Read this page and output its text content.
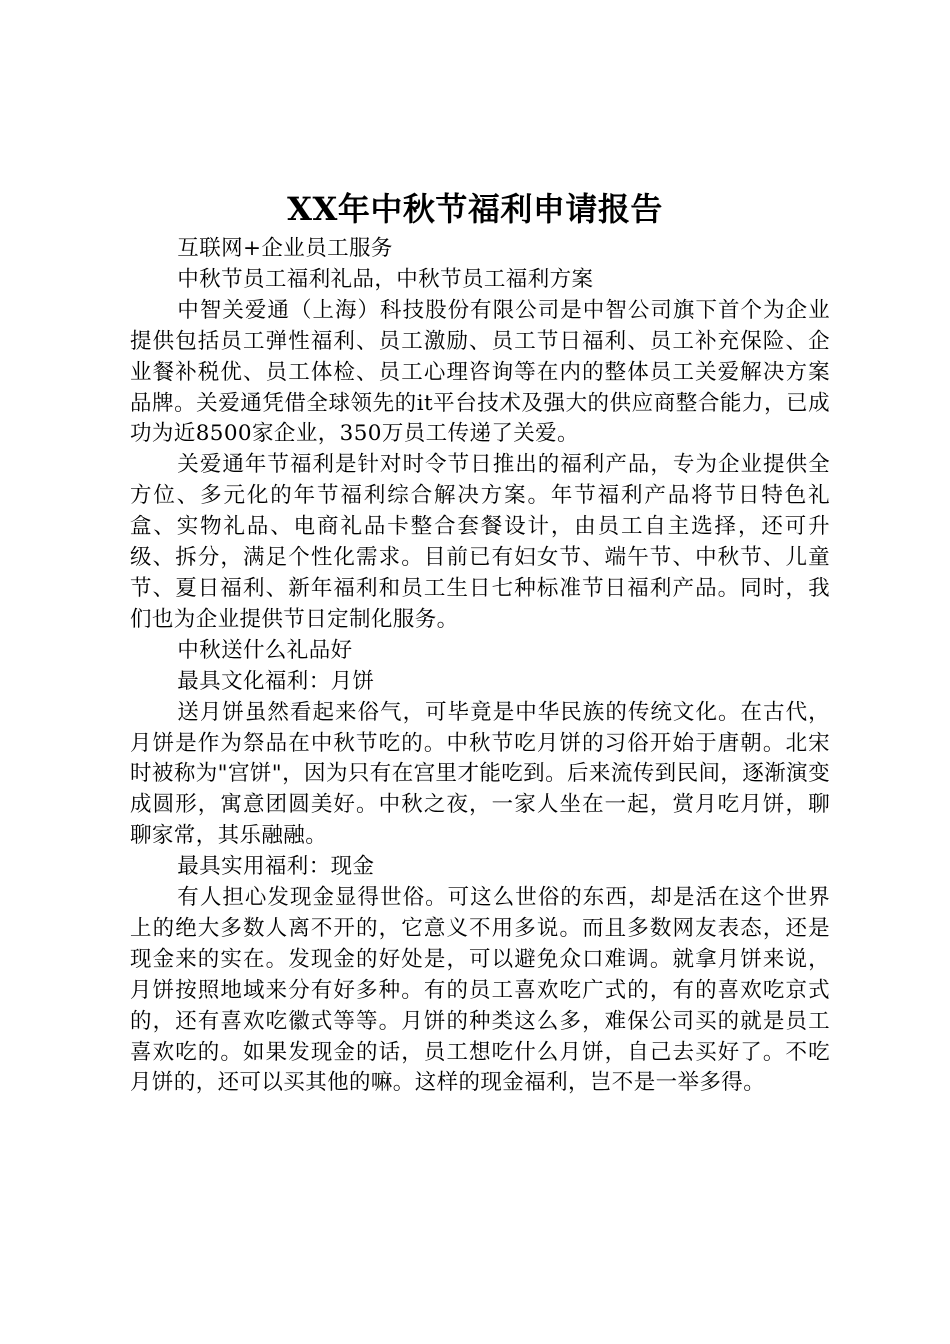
XX年中秋节福利申请报告

互联网+企业员工服务

中秋节员工福利礼品，中秋节员工福利方案

中智关爱通（上海）科技股份有限公司是中智公司旗下首个为企业提供包括员工弹性福利、员工激励、员工节日福利、员工补充保险、企业餐补税优、员工体检、员工心理咨询等在内的整体员工关爱解决方案品牌。关爱通凭借全球领先的it平台技术及强大的供应商整合能力，已成功为近8500家企业，350万员工传递了关爱。

关爱通年节福利是针对时令节日推出的福利产品，专为企业提供全方位、多元化的年节福利综合解决方案。年节福利产品将节日特色礼盒、实物礼品、电商礼品卡整合套餐设计，由员工自主选择，还可升级、拆分，满足个性化需求。目前已有妇女节、端午节、中秋节、儿童节、夏日福利、新年福利和员工生日七种标准节日福利产品。同时，我们也为企业提供节日定制化服务。

中秋送什么礼品好

最具文化福利：月饼

送月饼虽然看起来俗气，可毕竟是中华民族的传统文化。在古代，月饼是作为祭品在中秋节吃的。中秋节吃月饼的习俗开始于唐朝。北宋时被称为"宫饼"，因为只有在宫里才能吃到。后来流传到民间，逐渐演变成圆形，寓意团圆美好。中秋之夜，一家人坐在一起，赏月吃月饼，聊聊家常，其乐融融。

最具实用福利：现金

有人担心发现金显得世俗。可这么世俗的东西，却是活在这个世界上的绝大多数人离不开的，它意义不用多说。而且多数网友表态，还是现金来的实在。发现金的好处是，可以避免众口难调。就拿月饼来说，月饼按照地域来分有好多种。有的员工喜欢吃广式的，有的喜欢吃京式的，还有喜欢吃徽式等等。月饼的种类这么多，难保公司买的就是员工喜欢吃的。如果发现金的话，员工想吃什么月饼，自己去买好了。不吃月饼的，还可以买其他的嘛。这样的现金福利，岂不是一举多得。
